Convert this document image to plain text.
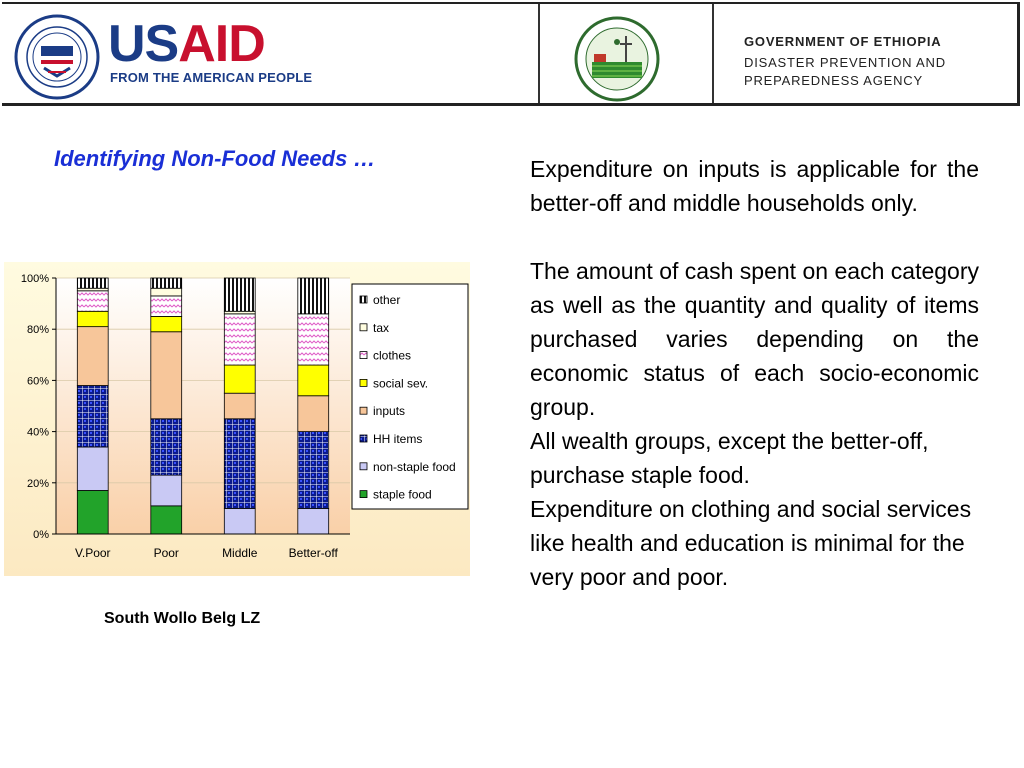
USAID
FROM THE AMERICAN PEOPLE
GOVERNMENT OF ETHIOPIA
DISASTER PREVENTION AND PREPAREDNESS AGENCY
Identifying Non-Food Needs …
0%
20%
40%
60%
80%
100%
V.Poor	Poor	Middle	Better-off
other
tax
clothes
social sev.
inputs
HH items
non-staple food
staple food
South Wollo Belg LZ

Expenditure on inputs is applicable for the better-off and middle households only.

The amount of cash spent on each category as well as the quantity and quality of items purchased varies depending on the economic status of each socio-economic group.

All wealth groups, except the better-off, purchase staple food.

Expenditure on clothing and social services like health and education is minimal for the very poor and poor.
